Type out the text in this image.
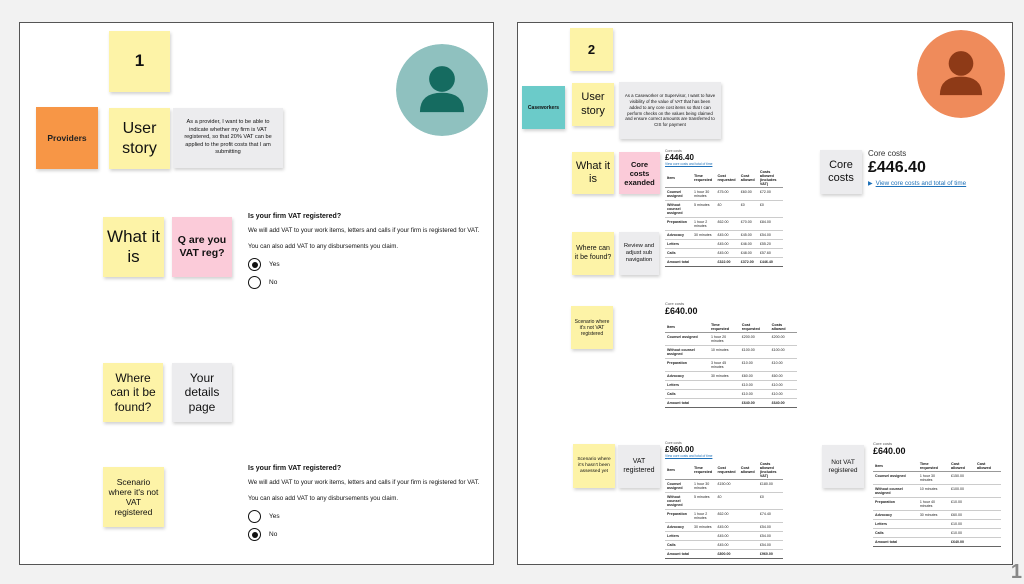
1
Providers
User story
As a provider, I want to be able to indicate whether my firm is VAT registered, so that 20% VAT can be applied to the profit costs that I am submitting
What it is
Q are you VAT reg?
Is your firm VAT registered?
We will add VAT to your work items, letters and calls if your firm is registered for VAT.
You can also add VAT to any disbursements you claim.
Yes
No
Where can it be found?
Your details page
Scenario where it's not VAT registered
Is your firm VAT registered?
We will add VAT to your work items, letters and calls if your firm is registered for VAT.
You can also add VAT to any disbursements you claim.
Yes
No
2
Caseworkers
User story
As a Caseworker or Supervisor, I want to have visibility of the value of VAT that has been added to any core cost items so that I can perform checks on the values being claimed and ensure correct amounts are transferred to CIS for payment
What it is
Core costs exanded
Core costs
£446.40
View core costs and total of time
Item	Time requested	Cost requested	Cost allowed	Costs allowed (includes VAT)
Counsel assigned	1 hour 30 minutes	£75.00	£60.00	£72.00
Without counsel assigned	5 minutes	£0	£0	£0
Preparation	1 hour 2 minutes	£62.00	£70.00	£84.00
Advocacy	30 minutes	£45.00	£45.00	£54.00
Letters		£45.00	£46.00	£55.20
Calls		£45.00	£48.00	£57.60
Amount total		£322.00	£372.00	£446.40
Core costs
Core costs
£446.40
▶ View core costs and total of time
Where can it be found?
Review and adjust sub navigation
Scenario where it's not VAT registered
Core costs
£640.00
Item	Time requested	Cost requested	Costs allowed
Counsel assigned	1 hour 20 minutes	£200.00	£200.00
Without counsel assigned	10 minutes	£100.00	£100.00
Preparation	3 hour 45 minutes	£10.00	£10.00
Advocacy	30 minutes	£60.00	£60.00
Letters		£10.00	£10.00
Calls		£10.00	£10.00
Amount total		£640.00	£640.00
Scenario where it's hasn't been assessed yet
VAT registered
Core costs
£960.00
View core costs and total of time
Item	Time requested	Cost requested	Cost allowed	Costs allowed (includes VAT)
Counsel assigned	1 hour 30 minutes	£150.00		£180.00
Without counsel assigned	5 minutes	£0		£0
Preparation	1 hour 2 minutes	£62.00		£74.40
Advocacy	30 minutes	£45.00		£54.00
Letters		£45.00		£54.00
Calls		£45.00		£54.00
Amount total		£800.00		£960.00
Not VAT registered
Core costs
£640.00
Item	Time requested	Cost allowed	Cost allowed
Counsel assigned	1 hour 30 minutes	£150.00	
Without counsel assigned	10 minutes	£100.00	
Preparation	1 hour 40 minutes	£10.00	
Advocacy	30 minutes	£60.00	
Letters		£10.00	
Calls		£10.00	
Amount total		£640.00	
1
